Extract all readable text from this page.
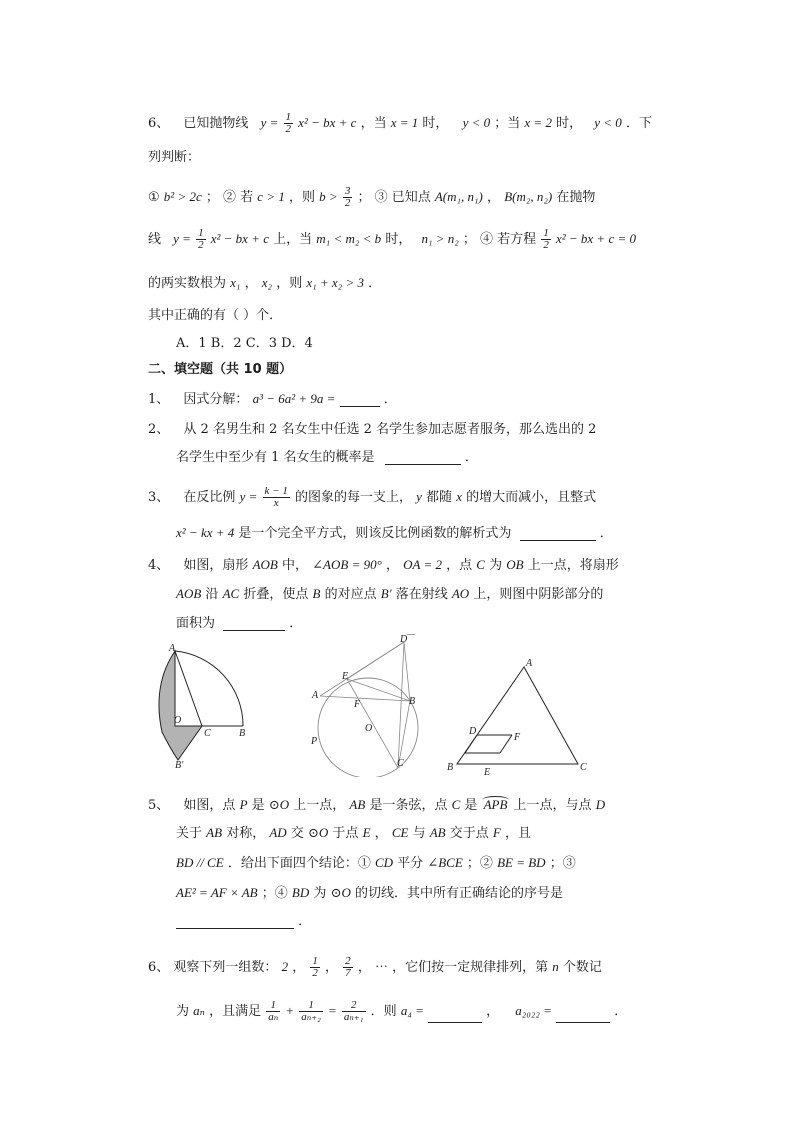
6、 已知抛物线 $y = \frac{1}{2} x^2$ − bx + c ，当 x = 1 时， y < 0 ；当 x = 2 时， y < 0 ．下
列判断：
① b² > 2c ； ② 若 c > 1 ，则 $b > \frac{3}{2}$ ； ③ 已知点 A(m₁, n₁) ， B(m₂, n₂) 在抛物
线 $y = \frac{1}{2} x^2$ − bx + c 上，当 m₁ < m₂ < b 时， n₁ > n₂ ； ④ 若方程 $\frac{1}{2} x^2$ − bx + c = 0
的两实数根为 x₁ ， x₂ ，则 x₁ + x₂ > 3 ．
其中正确的有（ ）个．
A．1 B．2 C．3 D．4
二、填空题（共 10 题）
1、 因式分解： a³ − 6a² + 9a =	．
2、 从 2 名男生和 2 名女生中任选 2 名学生参加志愿者服务，那么选出的 2
名学生中至少有 1 名女生的概率是	．
3、 在反比例 $y = \frac{k - 1}{x}$ 的图象的每一支上， y 都随 x 的增大而减小，且整式
x² − kx + 4 是一个完全平方式，则该反比例函数的解析式为	．
4、 如图，扇形 AOB 中， ∠AOB = 90° ， OA = 2 ，点 C 为 OB 上一点，将扇形
AOB 沿 AC 折叠，使点 B 的对应点 B′ 落在射线 AO 上，则图中阴影部分的
面积为	．
A
O
C	B
B′
D
—
E
A
F	B
O
P
C
A
D
F
B	E	C
5、 如图，点 P 是 ⊙O 上一点， AB 是一条弦，点 C 是 APB 上一点，与点 D
关于 AB 对称， AD 交 ⊙O 于点 E ， CE 与 AB 交于点 F ，且
BD // CE ．给出下面四个结论：① CD 平分 ∠BCE ；② BE = BD ；③
AE² = AF × AB ；④ BD 为 ⊙O 的切线．其中所有正确结论的序号是
．
6、 观察下列一组数： 2 ， $\frac{1}{2}$ ， $\frac{2}{7}$ ， ⋯ ，它们按一定规律排列，第 n 个数记
为 aₙ ，且满足 $\frac{1}{\text{aₙ}} + \frac{1}{\text{aₙ₊₂}} = \frac{2}{\text{aₙ₊₁}}$ ．则 a₄ =	， a₂₀₂₂ =	．
